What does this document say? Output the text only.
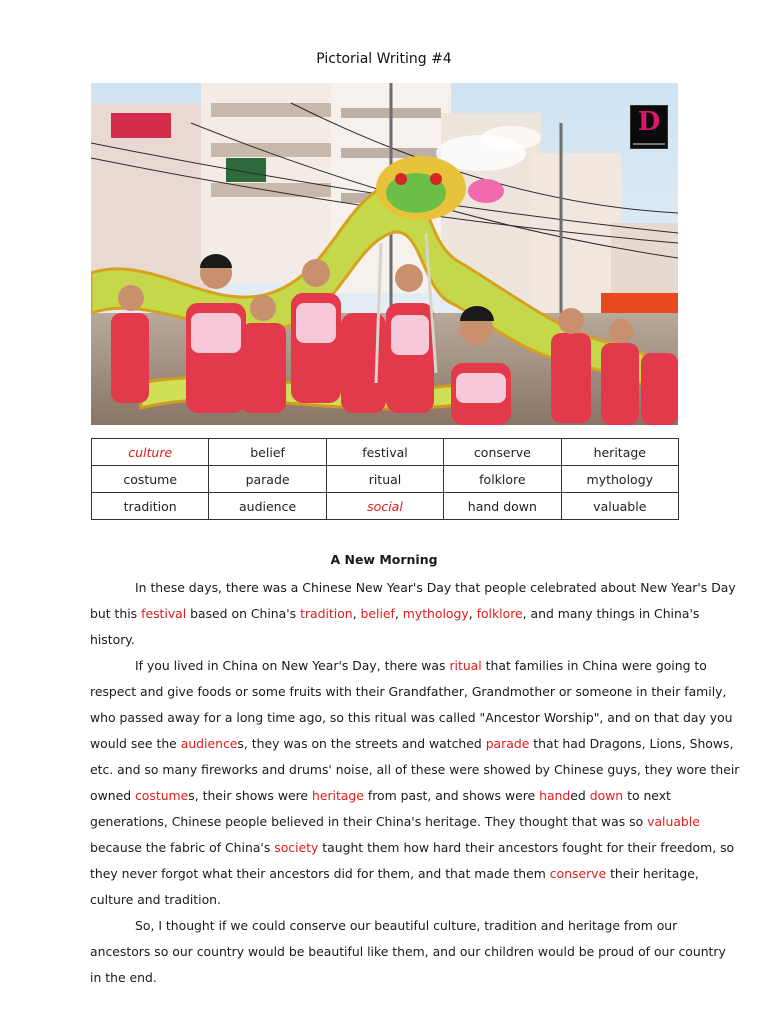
Pictorial Writing #4
D
culture	belief	festival	conserve	heritage
costume	parade	ritual	folklore	mythology
tradition	audience	social	hand down	valuable
A New Morning
In these days, there was a Chinese New Year's Day that people celebrated about New Year's Day
but this festival based on China's tradition, belief, mythology, folklore, and many things in China's
history.
If you lived in China on New Year's Day, there was ritual that families in China were going to
respect and give foods or some fruits with their Grandfather, Grandmother or someone in their family,
who passed away for a long time ago, so this ritual was called "Ancestor Worship", and on that day you
would see the audiences, they was on the streets and watched parade that had Dragons, Lions, Shows,
etc. and so many fireworks and drums' noise, all of these were showed by Chinese guys, they wore their
owned costumes, their shows were heritage from past, and shows were handed down to next
generations, Chinese people believed in their China's heritage. They thought that was so valuable
because the fabric of China's society taught them how hard their ancestors fought for their freedom, so
they never forgot what their ancestors did for them, and that made them conserve their heritage,
culture and tradition.
So, I thought if we could conserve our beautiful culture, tradition and heritage from our
ancestors so our country would be beautiful like them, and our children would be proud of our country
in the end.
